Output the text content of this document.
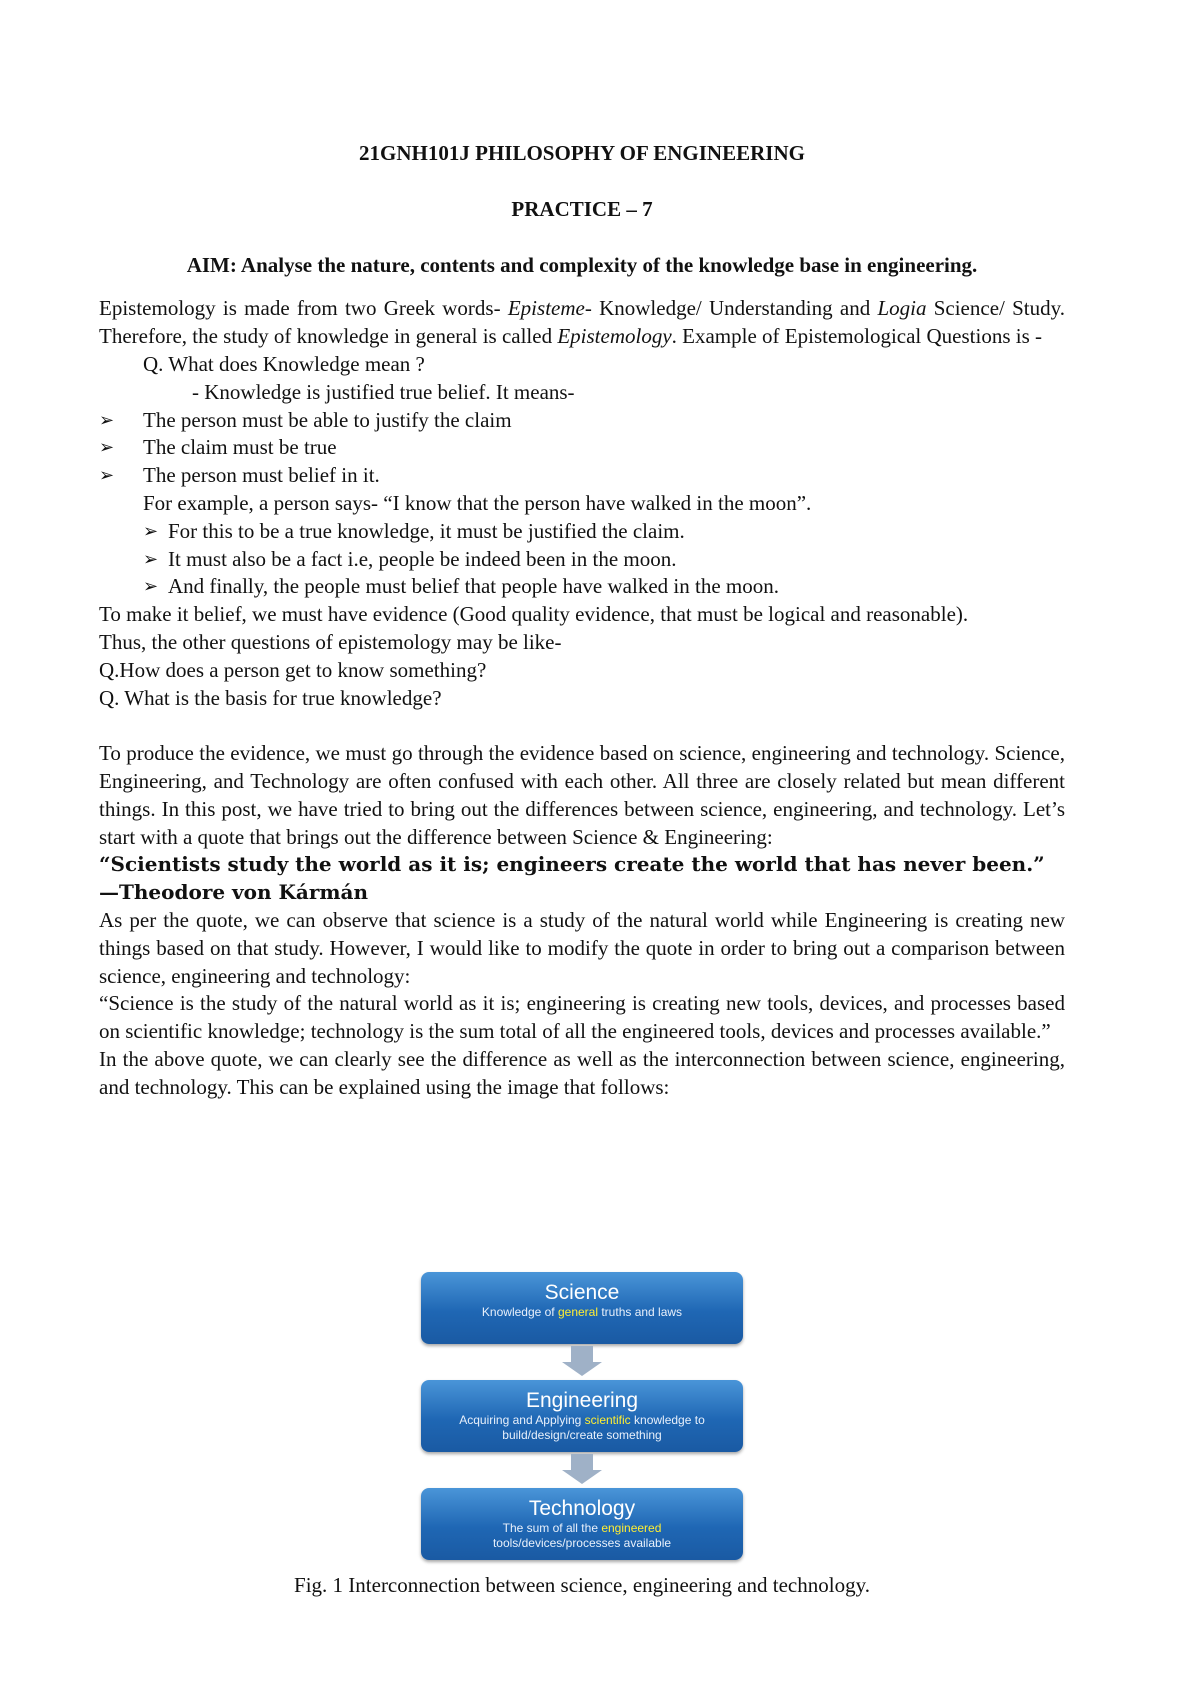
21GNH101J PHILOSOPHY OF ENGINEERING

PRACTICE – 7

AIM: Analyse the nature, contents and complexity of the knowledge base in engineering.

Epistemology is made from two Greek words- Episteme- Knowledge/ Understanding and Logia Science/ Study. Therefore, the study of knowledge in general is called Epistemology. Example of Epistemological Questions is -

Q. What does Knowledge mean ?

- Knowledge is justified true belief. It means-

➢	The person must be able to justify the claim
➢	The claim must be true
➢	The person must belief in it.

For example, a person says- “I know that the person have walked in the moon”.

➢ For this to be a true knowledge, it must be justified the claim.
➢ It must also be a fact i.e, people be indeed been in the moon.
➢ And finally, the people must belief that people have walked in the moon.

To make it belief, we must have evidence (Good quality evidence, that must be logical and reasonable).

Thus, the other questions of epistemology may be like-

Q.How does a person get to know something?

Q. What is the basis for true knowledge?

To produce the evidence, we must go through the evidence based on science, engineering and technology. Science, Engineering, and Technology are often confused with each other. All three are closely related but mean different things. In this post, we have tried to bring out the differences between science, engineering, and technology. Let’s start with a quote that brings out the difference between Science & Engineering:

“Scientists study the world as it is; engineers create the world that has never been.”

—Theodore von Kármán

As per the quote, we can observe that science is a study of the natural world while Engineering is creating new things based on that study. However, I would like to modify the quote in order to bring out a comparison between science, engineering and technology:

“Science is the study of the natural world as it is; engineering is creating new tools, devices, and processes based on scientific knowledge; technology is the sum total of all the engineered tools, devices and processes available.”

In the above quote, we can clearly see the difference as well as the interconnection between science, engineering, and technology. This can be explained using the image that follows:

Science
Knowledge of general truths and laws
Engineering
Acquiring and Applying scientific knowledge to
build/design/create something
Technology
The sum of all the engineered
tools/devices/processes available

Fig. 1 Interconnection between science, engineering and technology.
